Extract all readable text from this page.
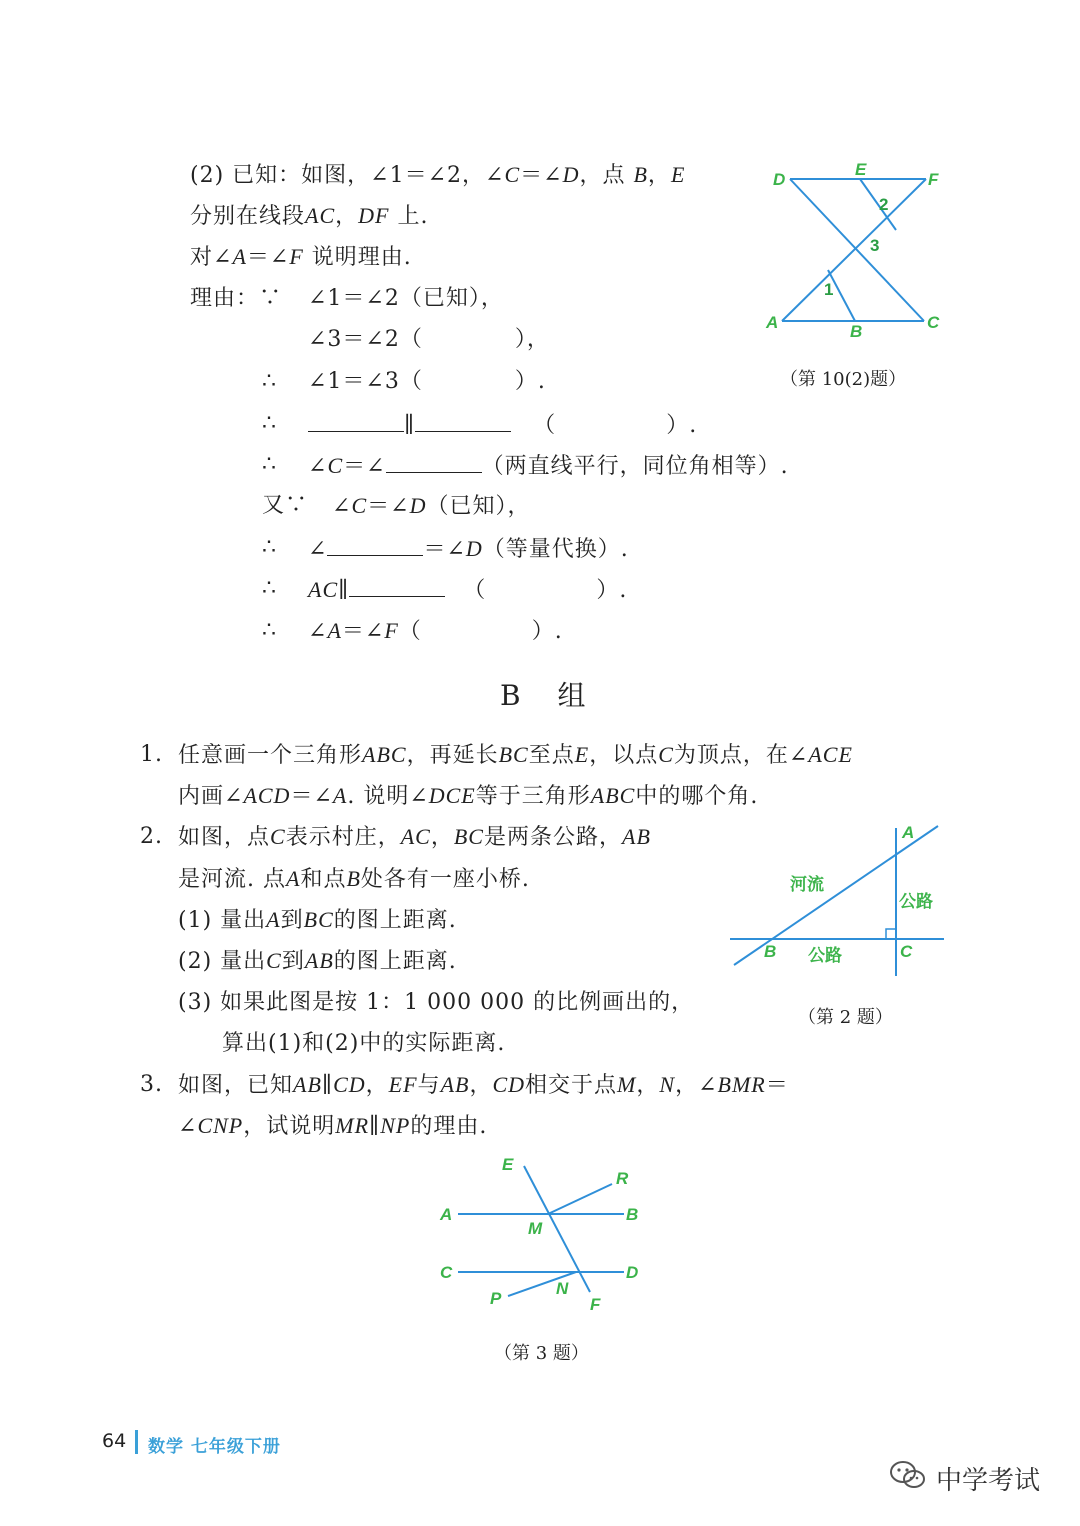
(2) 已知：如图，∠1＝∠2，∠C＝∠D，点 B，E
分别在线段AC，DF 上.
对∠A＝∠F 说明理由.
理由：∵ ∠1＝∠2（已知），
∠3＝∠2（	），
∴ ∠1＝∠3（	）.
∴	∥	（	）.
∴ ∠C＝∠	（两直线平行，同位角相等）.
又∵ ∠C＝∠D（已知），
∴ ∠	＝∠D（等量代换）.
∴ AC∥	（	）.
∴ ∠A＝∠F（	）.
D
E
F
A	B	C
1
2
3
（第 10(2)题）
B 组
1. 任意画一个三角形ABC，再延长BC至点E，以点C为顶点，在∠ACE
内画∠ACD＝∠A. 说明∠DCE等于三角形ABC中的哪个角.
2. 如图，点C表示村庄，AC，BC是两条公路，AB
是河流. 点A和点B处各有一座小桥.
(1) 量出A到BC的图上距离.
(2) 量出C到AB的图上距离.
(3) 如果此图是按 1：1 000 000 的比例画出的，
算出(1)和(2)中的实际距离.
A
B	C
河流
公路
公路
（第 2 题）
3. 如图，已知AB∥CD，EF与AB，CD相交于点M，N，∠BMR＝
∠CNP，试说明MR∥NP的理由.
E
R
A
M
B
C
N
D
P	F
（第 3 题）
64 数学 七年级下册
中学考试
